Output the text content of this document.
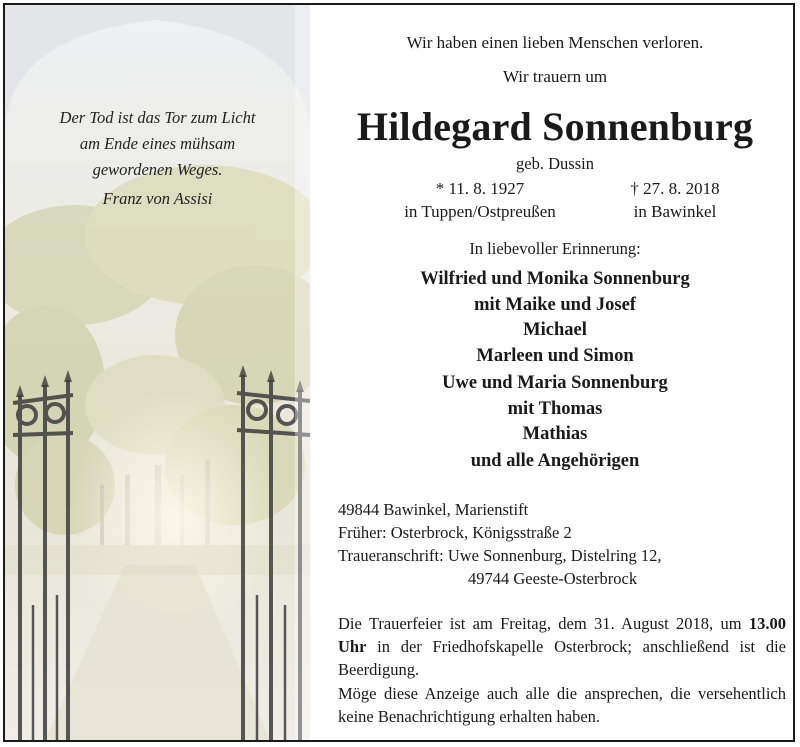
Der Tod ist das Tor zum Licht
am Ende eines mühsam
gewordenen Weges.
Franz von Assisi
Wir haben einen lieben Menschen verloren.
Wir trauern um
Hildegard Sonnenburg
geb. Dussin
* 11. 8. 1927
in Tuppen/Ostpreußen
† 27. 8. 2018
in Bawinkel
In liebevoller Erinnerung:
Wilfried und Monika Sonnenburg
mit Maike und Josef
Michael
Marleen und Simon
Uwe und Maria Sonnenburg
mit Thomas
Mathias
und alle Angehörigen
49844 Bawinkel, Marienstift
Früher: Osterbrock, Königsstraße 2
Traueranschrift: Uwe Sonnenburg, Distelring 12,
49744 Geeste-Osterbrock
Die Trauerfeier ist am Freitag, dem 31. August 2018, um 13.00 Uhr in der Friedhofskapelle Osterbrock; anschließend ist die Beerdigung.
Möge diese Anzeige auch alle die ansprechen, die versehentlich keine Benachrichtigung erhalten haben.
